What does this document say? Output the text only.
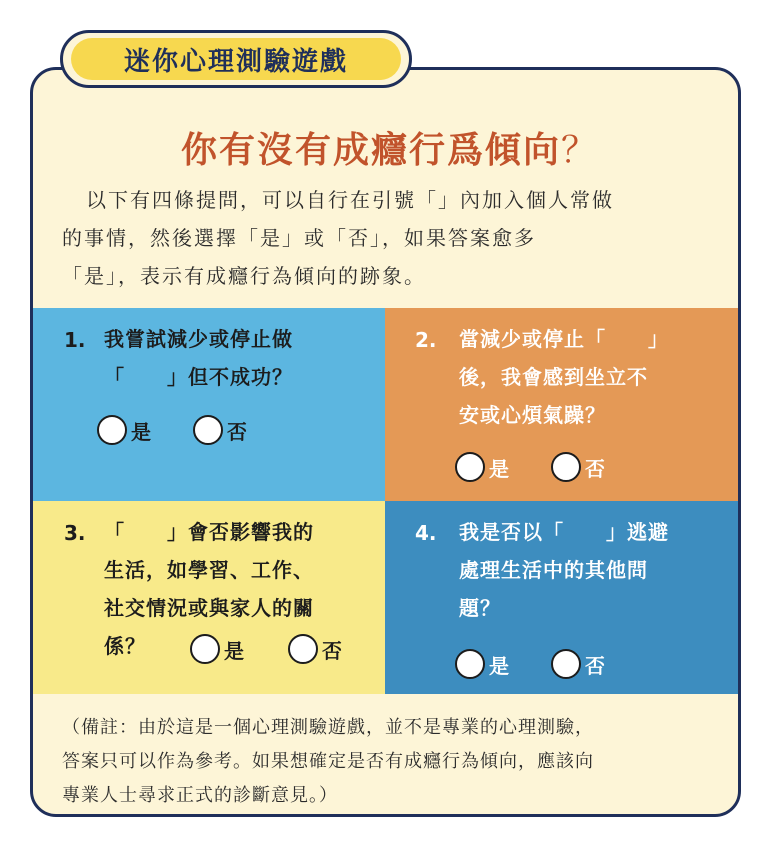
迷你心理測驗遊戲
你有沒有成癮行爲傾向？
以下有四條提問，可以自行在引號「」內加入個人常做
的事情，然後選擇「是」或「否」，如果答案愈多
「是」，表示有成癮行為傾向的跡象。
1. 我嘗試減少或停止做
「　　」但不成功？
是	否
2. 當減少或停止「　　」
後，我會感到坐立不
安或心煩氣躁？
是	否
3. 「　　」會否影響我的
生活，如學習、工作、
社交情況或與家人的關
係？	是	否
4. 我是否以「　　」逃避
處理生活中的其他問
題？
是	否
（備註：由於這是一個心理測驗遊戲，並不是專業的心理測驗，
答案只可以作為參考。如果想確定是否有成癮行為傾向，應該向
專業人士尋求正式的診斷意見。）
